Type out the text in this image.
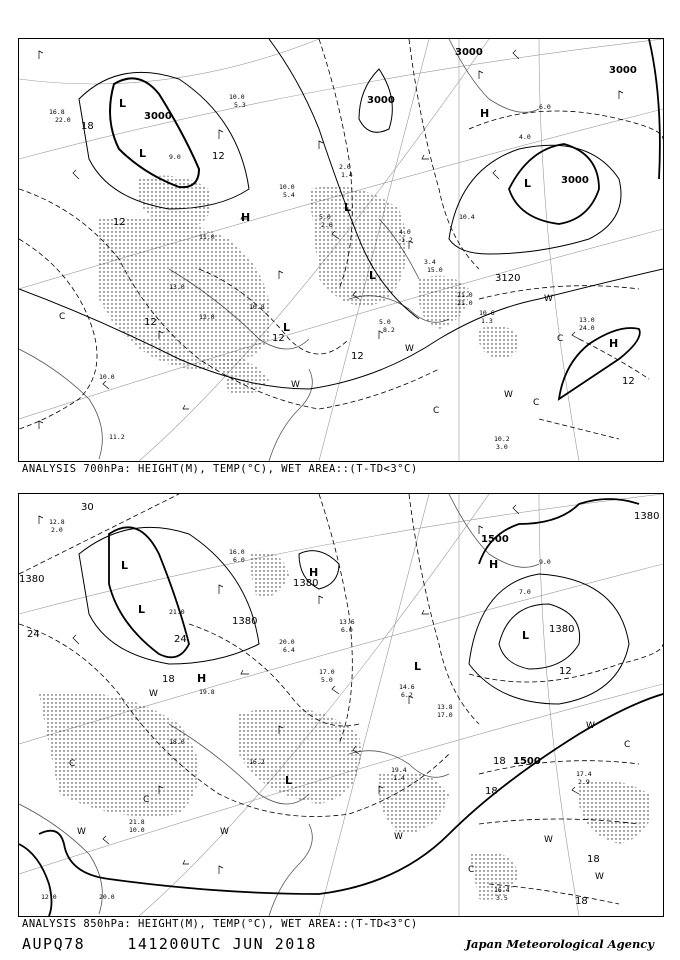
16.8
22.0
10.0
5.3
10.0
5.4
2.0
1.4
5.0
2.6
4.0
1.2
3.4
15.0
10.4
5.0
8.2
21.0
21.0
10.6
1.3	13.0
24.0
10.2
3.0
9.0
11.0
13.0
11.2
10.0
12.0
10.8
6.0
4.0
3000
3000
3000
3000
3000
3120
12
12
12
12
12
12
18
L
L
L
L
L
L
H
H
H
W
W
W
W
C
C
C
C
ANALYSIS 700hPa: HEIGHT(M), TEMP(°C), WET AREA::(T-TD<3°C)
12.8
2.0
16.0
6.0
20.0
6.4
13.6
6.0
17.0
5.0
14.6
6.2
13.8
17.0
19.4
1.4
21.8
10.0
12.0	20.0
16.4
3.5
17.4
2.9
21.0
19.8
18.0
16.2
9.0
7.0
1500
1500
1380
1380
1380
1380
1380
30
24	24
18
18
18
18
18
12
L
L
L
L
L
H
H
H
W	W	W	W
W
W
W
C
C
C
C
ANALYSIS 850hPa: HEIGHT(M), TEMP(°C), WET AREA::(T-TD<3°C)
AUPQ78	141200UTC JUN 2018	Japan Meteorological Agency
